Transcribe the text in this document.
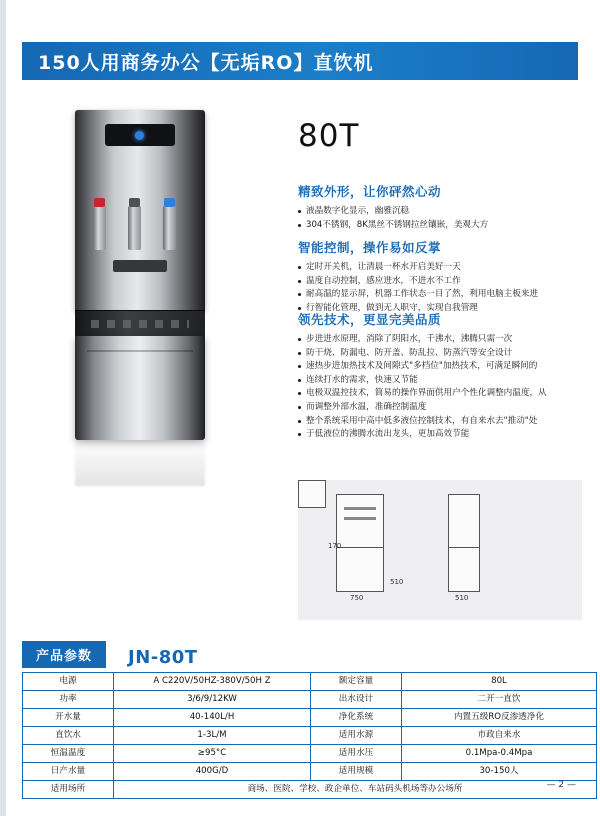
150人用商务办公【无垢RO】直饮机
80T
精致外形，让你砰然心动
液晶数字化显示，幽雅沉稳
304不锈钢，8K黑丝不锈钢拉丝镶嵌，美观大方
智能控制，操作易如反掌
定时开关机，让清晨一杯水开启美好一天
温度自动控制，感应进水，不进水不工作
耐高温的显示屏，机器工作状态一目了然，利用电脑主板来进
行智能化管理，做到无人职守，实现自我管理
领先技术，更显完美品质
步进进水原理，消除了阴阳水，千沸水，沸腾只需一次
防干烧、防漏电、防开盖、防乱拉、防蒸汽等安全设计
速热步进加热技术及间隙式"多档位"加热技术，可满足瞬间的
连续打水的需求，快速又节能
电极双温控技术，简易的操作界面供用户个性化调整内温度，从
而调整外部水温，准确控制温度
整个系统采用中高中低多液位控制技术，有自来水去"推动"处
于低液位的沸腾水流出龙头，更加高效节能
170
510
750	510
产品参数	JN-80T
电源	A C220V/50HZ-380V/50H Z	额定容量	80L
功率	3/6/9/12KW	出水设计	二开一直饮
开水量	40-140L/H	净化系统	内置五级RO反渗透净化
直饮水	1-3L/M	适用水源	市政自来水
恒温温度	≥95°C	适用水压	0.1Mpa-0.4Mpa
日产水量	400G/D	适用规模	30-150人
适用场所	商场、医院、学校、政企单位、车站码头机场等办公场所			— 2 —
